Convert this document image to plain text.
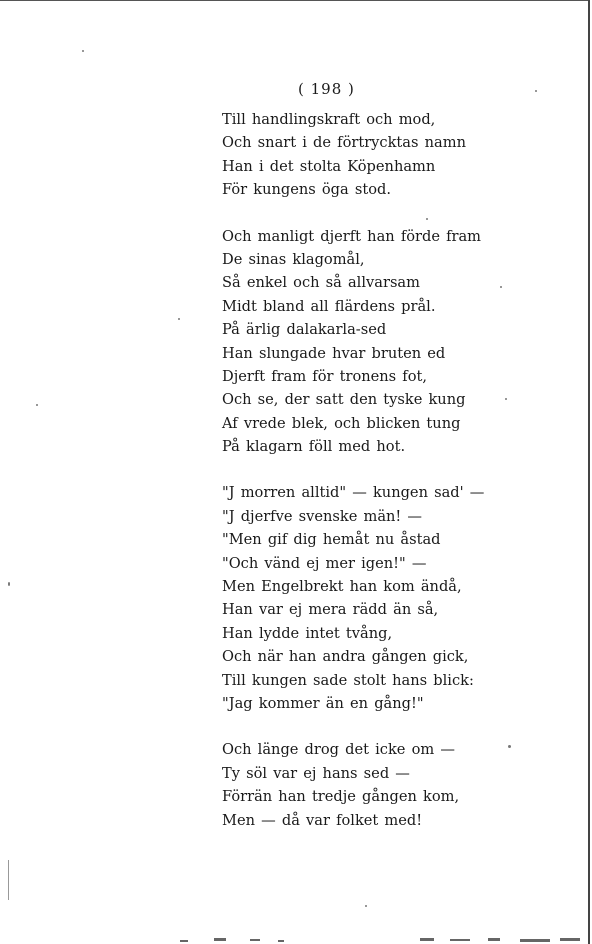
( 198 )
Till handlingskraft och mod,
Och snart i de förtrycktas namn
Han i det stolta Köpenhamn
För kungens öga stod.
Och manligt djerft han förde fram
De sinas klagomål,
Så enkel och så allvarsam
Midt bland all flärdens prål.
På ärlig dalakarla-sed
Han slungade hvar bruten ed
Djerft fram för tronens fot,
Och se, der satt den tyske kung
Af vrede blek, och blicken tung
På klagarn föll med hot.
"J morren alltid" — kungen sad' —
"J djerfve svenske män! —
"Men gif dig hemåt nu åstad
"Och vänd ej mer igen!" —
Men Engelbrekt han kom ändå,
Han var ej mera rädd än så,
Han lydde intet tvång,
Och när han andra gången gick,
Till kungen sade stolt hans blick:
"Jag kommer än en gång!"
Och länge drog det icke om —
Ty söl var ej hans sed —
Förrän han tredje gången kom,
Men — då var folket med!
